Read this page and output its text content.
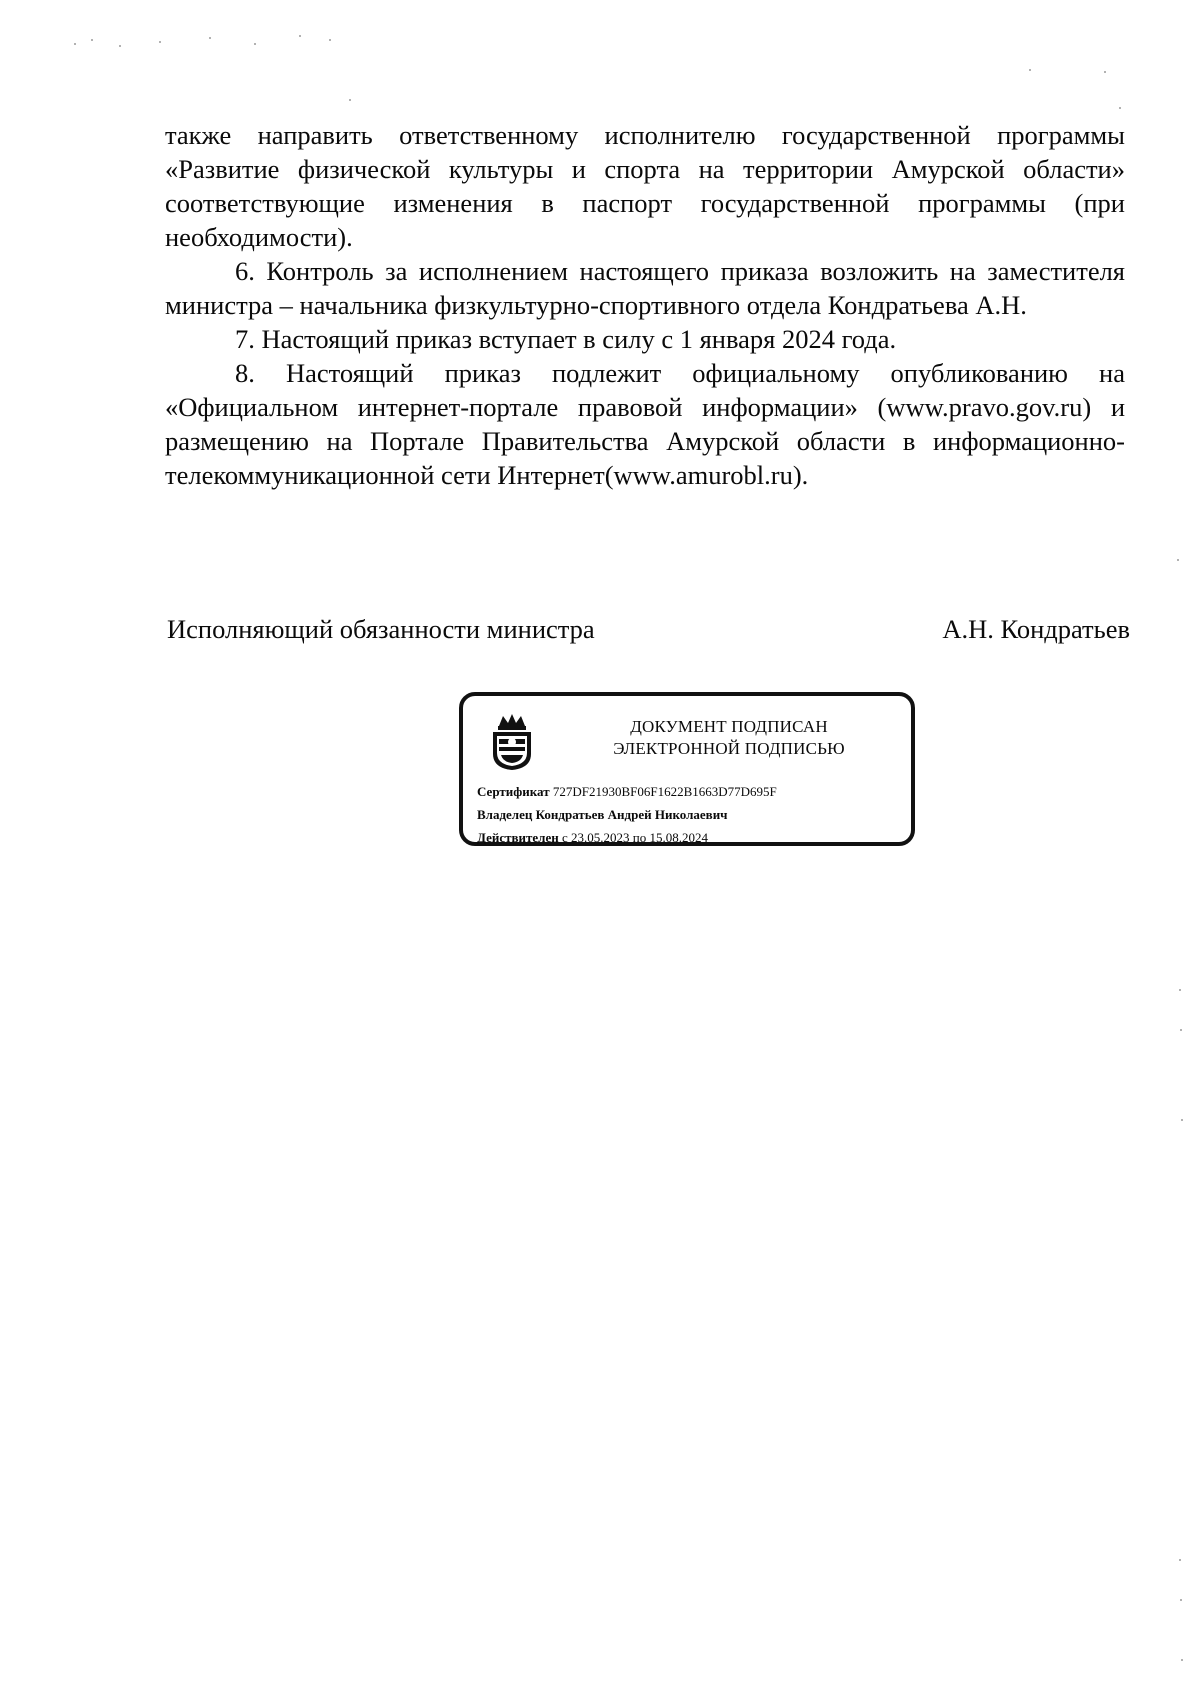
также направить ответственному исполнителю государственной программы «Развитие физической культуры и спорта на территории Амурской области» соответствующие изменения в паспорт государственной программы (при необходимости).

6. Контроль за исполнением настоящего приказа возложить на заместителя министра – начальника физкультурно-спортивного отдела Кондратьева А.Н.

7. Настоящий приказ вступает в силу с 1 января 2024 года.

8. Настоящий приказ подлежит официальному опубликованию на «Официальном интернет-портале правовой информации» (www.pravo.gov.ru) и размещению на Портале Правительства Амурской области в информационно-телекоммуникационной сети Интернет(www.amurobl.ru).

Исполняющий обязанности министра	А.Н. Кондратьев
ДОКУМЕНТ ПОДПИСАН
ЭЛЕКТРОННОЙ ПОДПИСЬЮ
Сертификат 727DF21930BF06F1622B1663D77D695F
Владелец Кондратьев Андрей Николаевич
Действителен с 23.05.2023 по 15.08.2024
